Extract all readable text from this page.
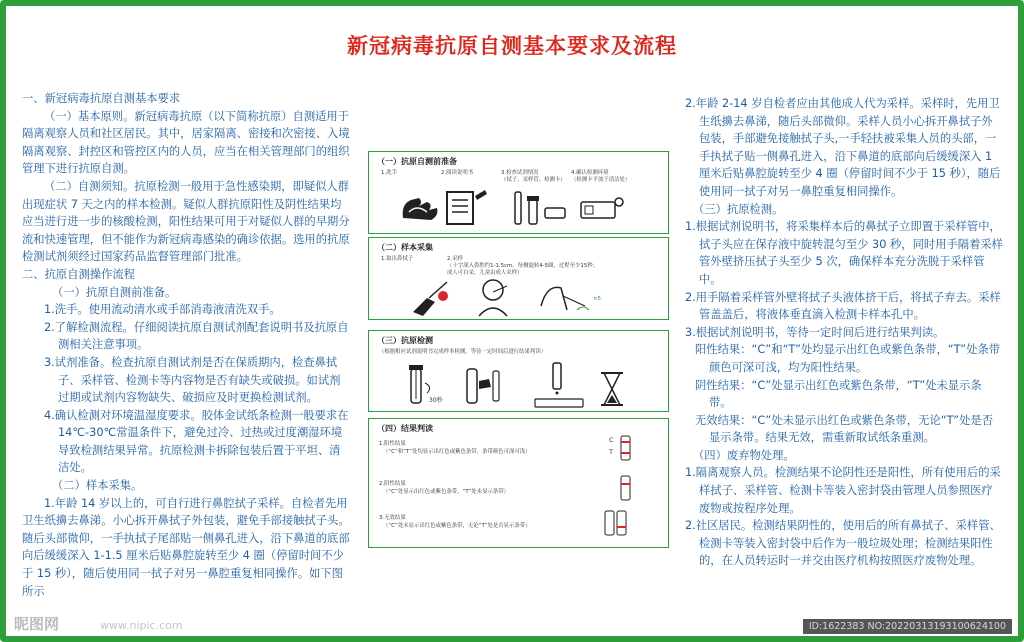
新冠病毒抗原自测基本要求及流程

一、新冠病毒抗原自测基本要求

（一）基本原则。新冠病毒抗原（以下简称抗原）自测适用于隔离观察人员和社区居民。其中，居家隔离、密接和次密接、入境隔离观察、封控区和管控区内的人员，应当在相关管理部门的组织管理下进行抗原自测。

（二）自测须知。抗原检测一般用于急性感染期，即疑似人群出现症状 7 天之内的样本检测。疑似人群抗原阳性及阴性结果均应当进行进一步的核酸检测，阳性结果可用于对疑似人群的早期分流和快速管理，但不能作为新冠病毒感染的确诊依据。选用的抗原检测试剂须经过国家药品监督管理部门批准。

二、抗原自测操作流程

（一）抗原自测前准备。

1.洗手。使用流动清水或手部消毒液清洗双手。

2.了解检测流程。仔细阅读抗原自测试剂配套说明书及抗原自测相关注意事项。

3.试剂准备。检查抗原自测试剂是否在保质期内，检查鼻拭子、采样管、检测卡等内容物是否有缺失或破损。如试剂过期或试剂内容物缺失、破损应及时更换检测试剂。

4.确认检测对环境温湿度要求。胶体金试纸条检测一般要求在 14℃-30℃常温条件下，避免过冷、过热或过度潮湿环境导致检测结果异常。抗原检测卡拆除包装后置于平坦、清洁处。

（二）样本采集。

1.年龄 14 岁以上的，可自行进行鼻腔拭子采样。自检者先用卫生纸擤去鼻涕。小心拆开鼻拭子外包装，避免手部接触拭子头。随后头部微仰，一手执拭子尾部贴一侧鼻孔进入，沿下鼻道的底部向后缓缓深入 1-1.5 厘米后贴鼻腔旋转至少 4 圈（停留时间不少于 15 秒），随后使用同一拭子对另一鼻腔重复相同操作。如下图所示

2.年龄 2-14 岁自检者应由其他成人代为采样。采样时，先用卫生纸擤去鼻涕，随后头部微仰。采样人员小心拆开鼻拭子外包装，手部避免接触拭子头,一手轻扶被采集人员的头部，一手执拭子贴一侧鼻孔进入，沿下鼻道的底部向后缓缓深入 1 厘米后贴鼻腔旋转至少 4 圈（停留时间不少于 15 秒），随后使用同一拭子对另一鼻腔重复相同操作。

（三）抗原检测。

1.根据试剂说明书，将采集样本后的鼻拭子立即置于采样管中，拭子头应在保存液中旋转混匀至少 30 秒，同时用手隔着采样管外壁挤压拭子头至少 5 次，确保样本充分洗脱于采样管中。

2.用手隔着采样管外壁将拭子头液体挤干后，将拭子弃去。采样管盖盖后，将液体垂直滴入检测卡样本孔中。

3.根据试剂说明书，等待一定时间后进行结果判读。

阳性结果：“C”和“T”处均显示出红色或紫色条带，“T”处条带颜色可深可浅，均为阳性结果。

阴性结果：“C”处显示出红色或紫色条带，“T”处未显示条带。

无效结果：“C”处未显示出红色或紫色条带，无论“T”处是否显示条带。结果无效，需重新取试纸条重测。

（四）废弃物处理。

1.隔离观察人员。检测结果不论阴性还是阳性，所有使用后的采样拭子、采样管、检测卡等装入密封袋由管理人员参照医疗废物或按程序处理。

2.社区居民。检测结果阴性的，使用后的所有鼻拭子、采样管、检测卡等装入密封袋中后作为一般垃圾处理；检测结果阳性的，在人员转运时一并交由医疗机构按照医疗废物处理。

（一）抗原自测前准备
1.洗手	2.阅读说明书	3.检查试剂情况
（拭子、采样管、检测卡）
4.确认检测环境
（检测卡平放于清洁处）
（二）样本采集
1.取出鼻拭子	2.采样
（十字深入鼻腔约1-1.5cm，每侧旋转4-5圈，过程至少15秒；
成人可自采，儿童由成人采样）
×5
（三）抗原检测
（根据相应试剂说明书完成样本检测，等待一定时间后进行结果判读）
30秒
（四）结果判读
1.阳性结果
（“C”和“T”处均显示出红色或紫色条带，条带颜色可深可浅）
C
T
2.阴性结果
（“C”处显示出红色或紫色条带，“T”处未显示条带）
3.无效结果
（“C”处未显示出红色或紫色条带，无论“T”处是否显示条带）
昵图网	www.nipic.com	ID:1622383 NO:20220313193100624100
